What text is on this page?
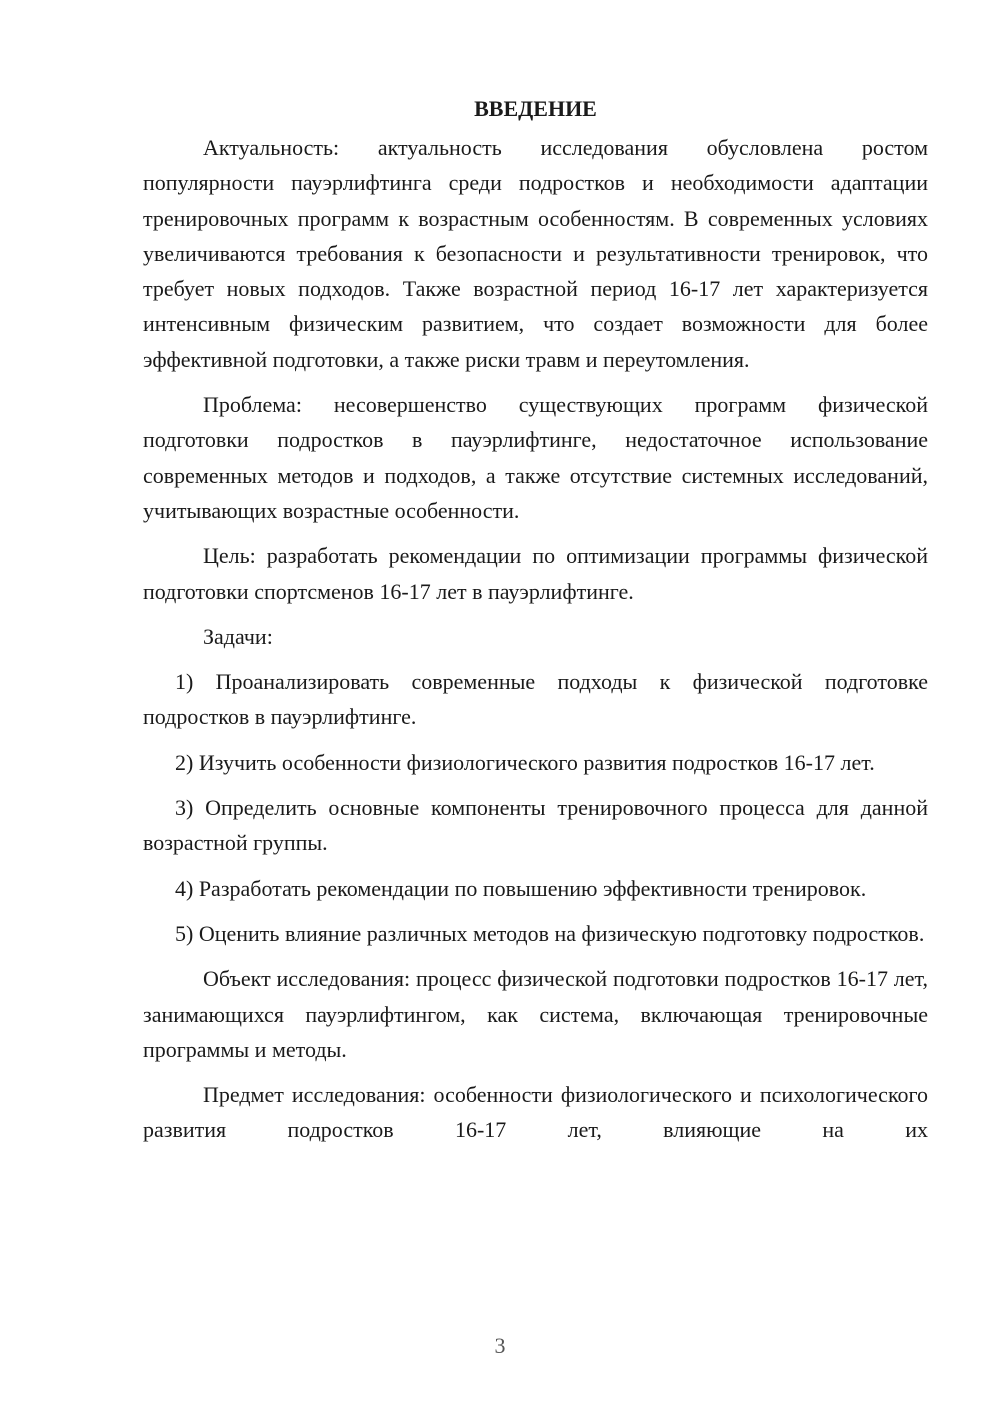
ВВЕДЕНИЕ

Актуальность: актуальность исследования обусловлена ростом популярности пауэрлифтинга среди подростков и необходимости адаптации тренировочных программ к возрастным особенностям. В современных условиях увеличиваются требования к безопасности и результативности тренировок, что требует новых подходов. Также возрастной период 16-17 лет характеризуется интенсивным физическим развитием, что создает возможности для более эффективной подготовки, а также риски травм и переутомления.

Проблема: несовершенство существующих программ физической подготовки подростков в пауэрлифтинге, недостаточное использование современных методов и подходов, а также отсутствие системных исследований, учитывающих возрастные особенности.

Цель: разработать рекомендации по оптимизации программы физической подготовки спортсменов 16-17 лет в пауэрлифтинге.

Задачи:

1) Проанализировать современные подходы к физической подготовке подростков в пауэрлифтинге.

2) Изучить особенности физиологического развития подростков 16-17 лет.

3) Определить основные компоненты тренировочного процесса для данной возрастной группы.

4) Разработать рекомендации по повышению эффективности тренировок.

5) Оценить влияние различных методов на физическую подготовку подростков.

Объект исследования: процесс физической подготовки подростков 16-17 лет, занимающихся пауэрлифтингом, как система, включающая тренировочные программы и методы.

Предмет исследования: особенности физиологического и психологического развития подростков 16-17 лет, влияющие на их

3
